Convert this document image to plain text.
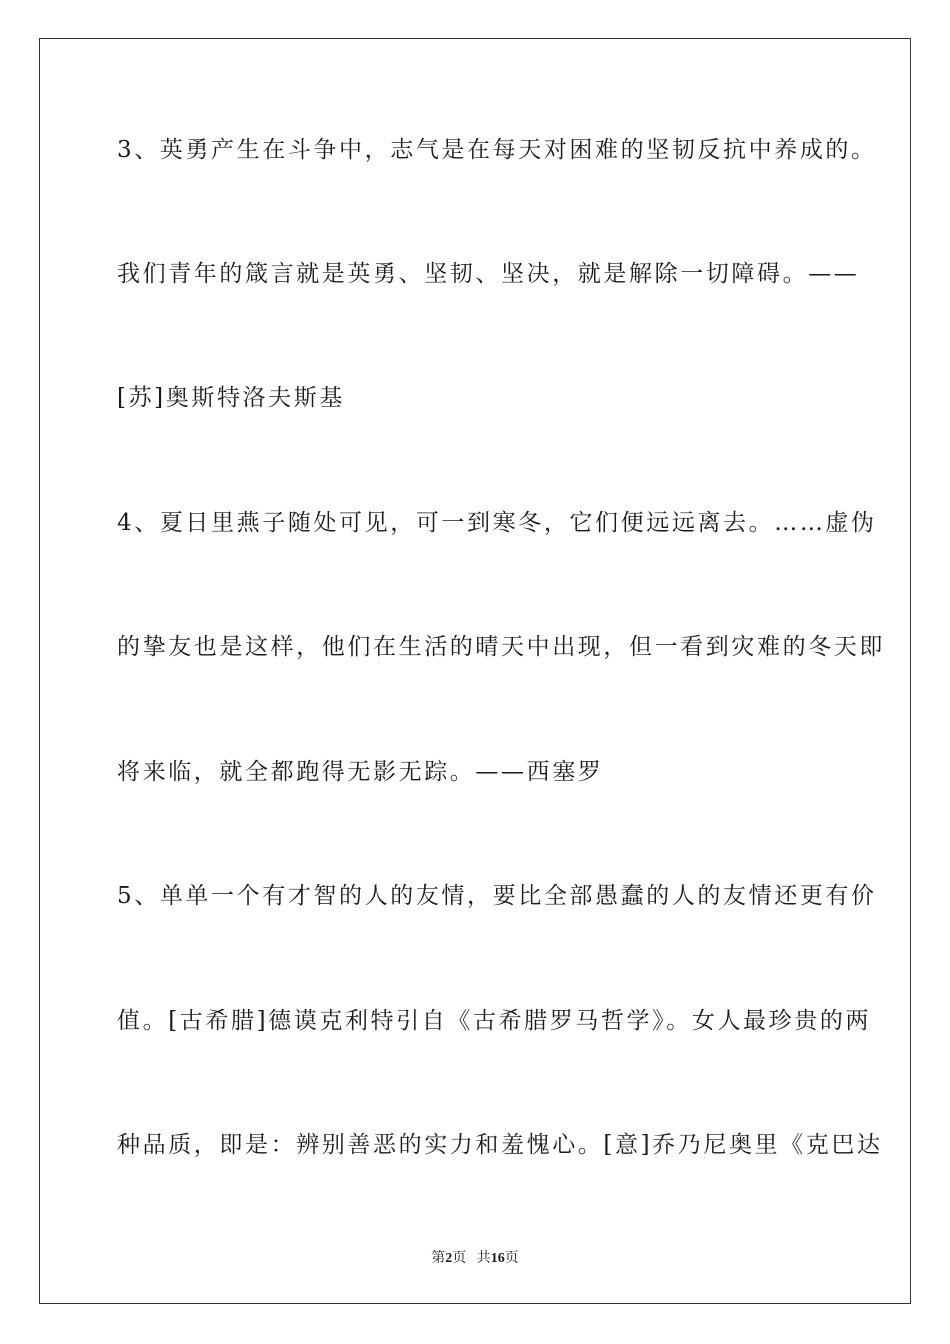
3、英勇产生在斗争中，志气是在每天对困难的坚韧反抗中养成的。
我们青年的箴言就是英勇、坚韧、坚决，就是解除一切障碍。——
[苏]奥斯特洛夫斯基
4、夏日里燕子随处可见，可一到寒冬，它们便远远离去。……虚伪
的挚友也是这样，他们在生活的晴天中出现，但一看到灾难的冬天即
将来临，就全都跑得无影无踪。——西塞罗
5、单单一个有才智的人的友情，要比全部愚蠢的人的友情还更有价
值。[古希腊]德谟克利特引自《古希腊罗马哲学》。女人最珍贵的两
种品质，即是：辨别善恶的实力和羞愧心。[意]乔乃尼奥里《克巴达
第2页   共16页
